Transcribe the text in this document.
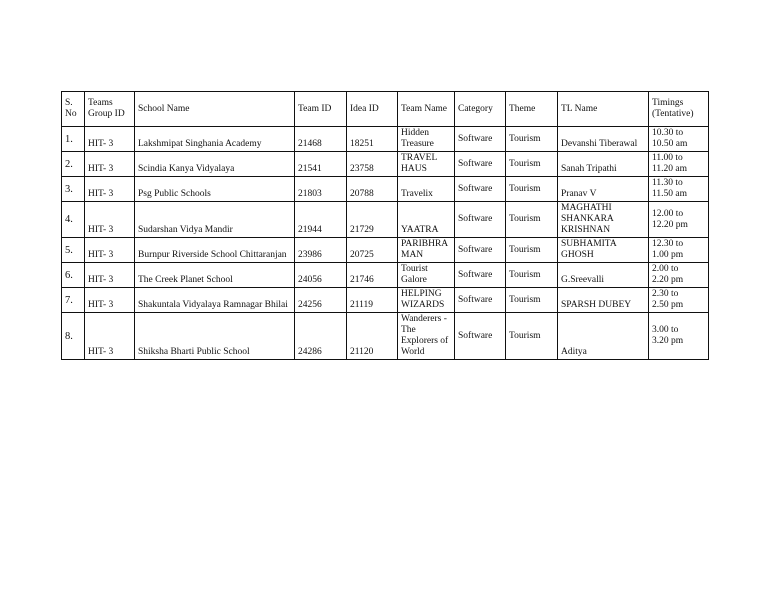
S. No	Teams Group ID	School Name	Team ID	Idea ID	Team Name	Category	Theme	TL Name	Timings (Tentative)
1.	HIT- 3	Lakshmipat Singhania Academy	21468	18251	Hidden Treasure	Software	Tourism	Devanshi Tiberawal	10.30 to
10.50 am
2.	HIT- 3	Scindia Kanya Vidyalaya	21541	23758	TRAVEL HAUS	Software	Tourism	Sanah Tripathi	11.00 to
11.20 am
3.	HIT- 3	Psg Public Schools	21803	20788	Travelix	Software	Tourism	Pranav V	11.30 to
11.50 am
4.	HIT- 3	Sudarshan Vidya Mandir	21944	21729	YAATRA	Software	Tourism	MAGHATHI SHANKARA KRISHNAN	12.00 to
12.20 pm
5.	HIT- 3	Burnpur Riverside School Chittaranjan	23986	20725	PARIBHRAMAN	Software	Tourism	SUBHAMITA GHOSH	12.30 to
1.00 pm
6.	HIT- 3	The Creek Planet School	24056	21746	Tourist Galore	Software	Tourism	G.Sreevalli	2.00 to
2.20 pm
7.	HIT- 3	Shakuntala Vidyalaya Ramnagar Bhilai	24256	21119	HELPING WIZARDS	Software	Tourism	SPARSH DUBEY	2.30 to
2.50 pm
8.	HIT- 3	Shiksha Bharti Public School	24286	21120	Wanderers - The Explorers of World	Software	Tourism	Aditya	3.00 to
3.20 pm
